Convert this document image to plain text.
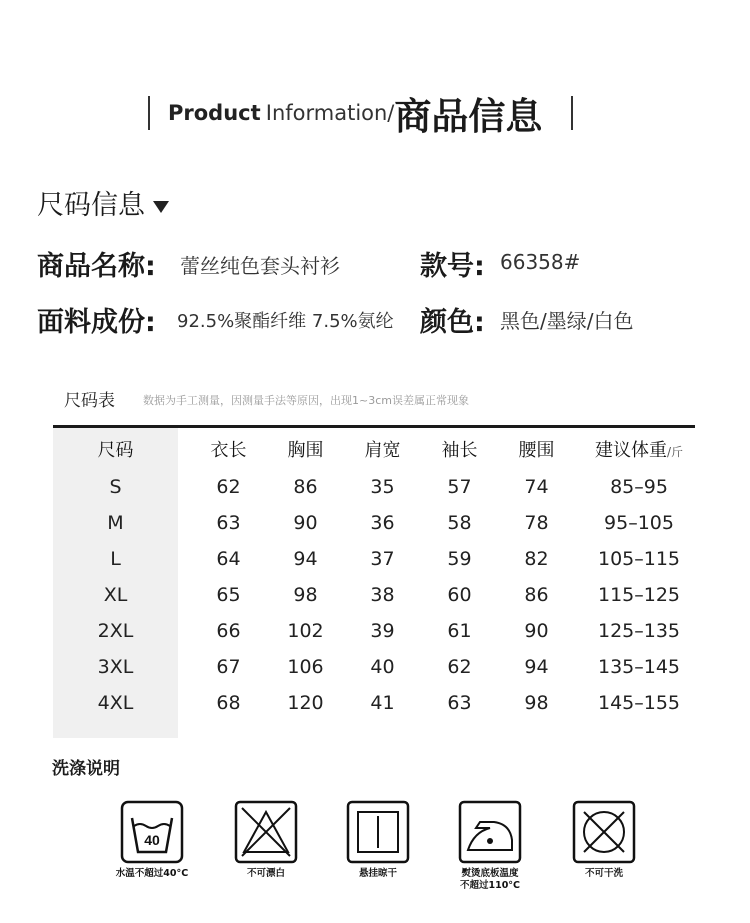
Product Information/商品信息
尺码信息
商品名称: 蕾丝纯色套头衬衫	款号: 66358#
面料成份: 92.5%聚酯纤维 7.5%氨纶 颜色: 黑色/墨绿/白色
尺码表	数据为手工测量，因测量手法等原因，出现1~3cm误差属正常现象
尺码	衣长	胸围	肩宽	袖长	腰围	建议体重/斤
S	62	86	35	57	74	85–95
M	63	90	36	58	78	95–105
L	64	94	37	59	82	105–115
XL	65	98	38	60	86	115–125
2XL	66	102	39	61	90	125–135
3XL	67	106	40	62	94	135–145
4XL	68	120	41	63	98	145–155
洗涤说明
40
水温不超过40°C	不可漂白	悬挂晾干	熨烫底板温度
不超过110°C
不可干洗
